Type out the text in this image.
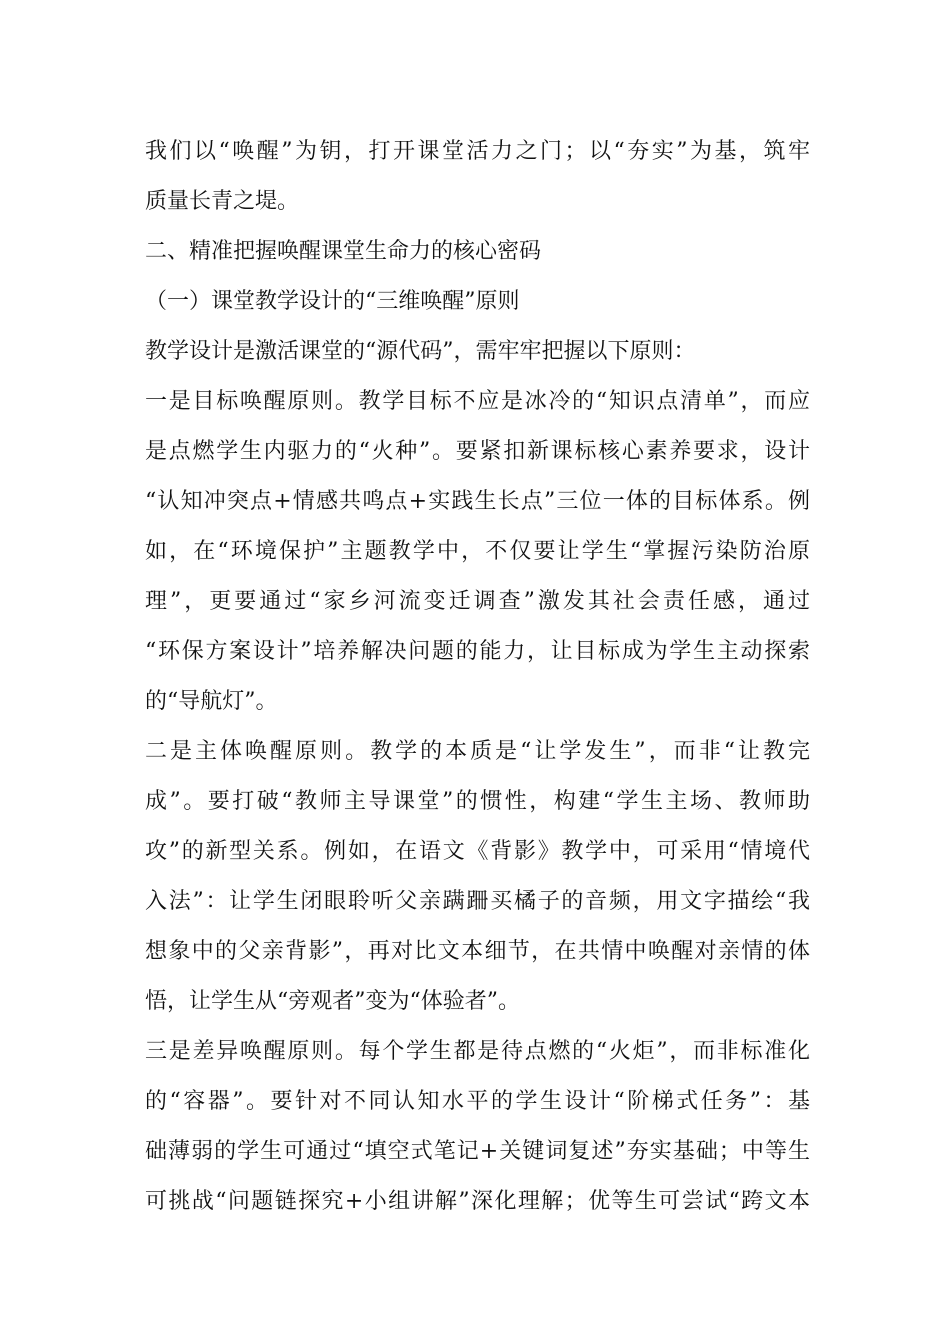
我们以“唤醒”为钥，打开课堂活力之门；以“夯实”为基，筑牢
质量长青之堤。
二、精准把握唤醒课堂生命力的核心密码
（一）课堂教学设计的“三维唤醒”原则
教学设计是激活课堂的“源代码”，需牢牢把握以下原则：
一是目标唤醒原则。教学目标不应是冰冷的“知识点清单”，而应
是点燃学生内驱力的“火种”。要紧扣新课标核心素养要求，设计
“认知冲突点+情感共鸣点+实践生长点”三位一体的目标体系。例
如，在“环境保护”主题教学中，不仅要让学生“掌握污染防治原
理”，更要通过“家乡河流变迁调查”激发其社会责任感，通过
“环保方案设计”培养解决问题的能力，让目标成为学生主动探索
的“导航灯”。
二是主体唤醒原则。教学的本质是“让学发生”，而非“让教完
成”。要打破“教师主导课堂”的惯性，构建“学生主场、教师助
攻”的新型关系。例如，在语文《背影》教学中，可采用“情境代
入法”：让学生闭眼聆听父亲蹒跚买橘子的音频，用文字描绘“我
想象中的父亲背影”，再对比文本细节，在共情中唤醒对亲情的体
悟，让学生从“旁观者”变为“体验者”。
三是差异唤醒原则。每个学生都是待点燃的“火炬”，而非标准化
的“容器”。要针对不同认知水平的学生设计“阶梯式任务”：基
础薄弱的学生可通过“填空式笔记+关键词复述”夯实基础；中等生
可挑战“问题链探究+小组讲解”深化理解；优等生可尝试“跨文本
